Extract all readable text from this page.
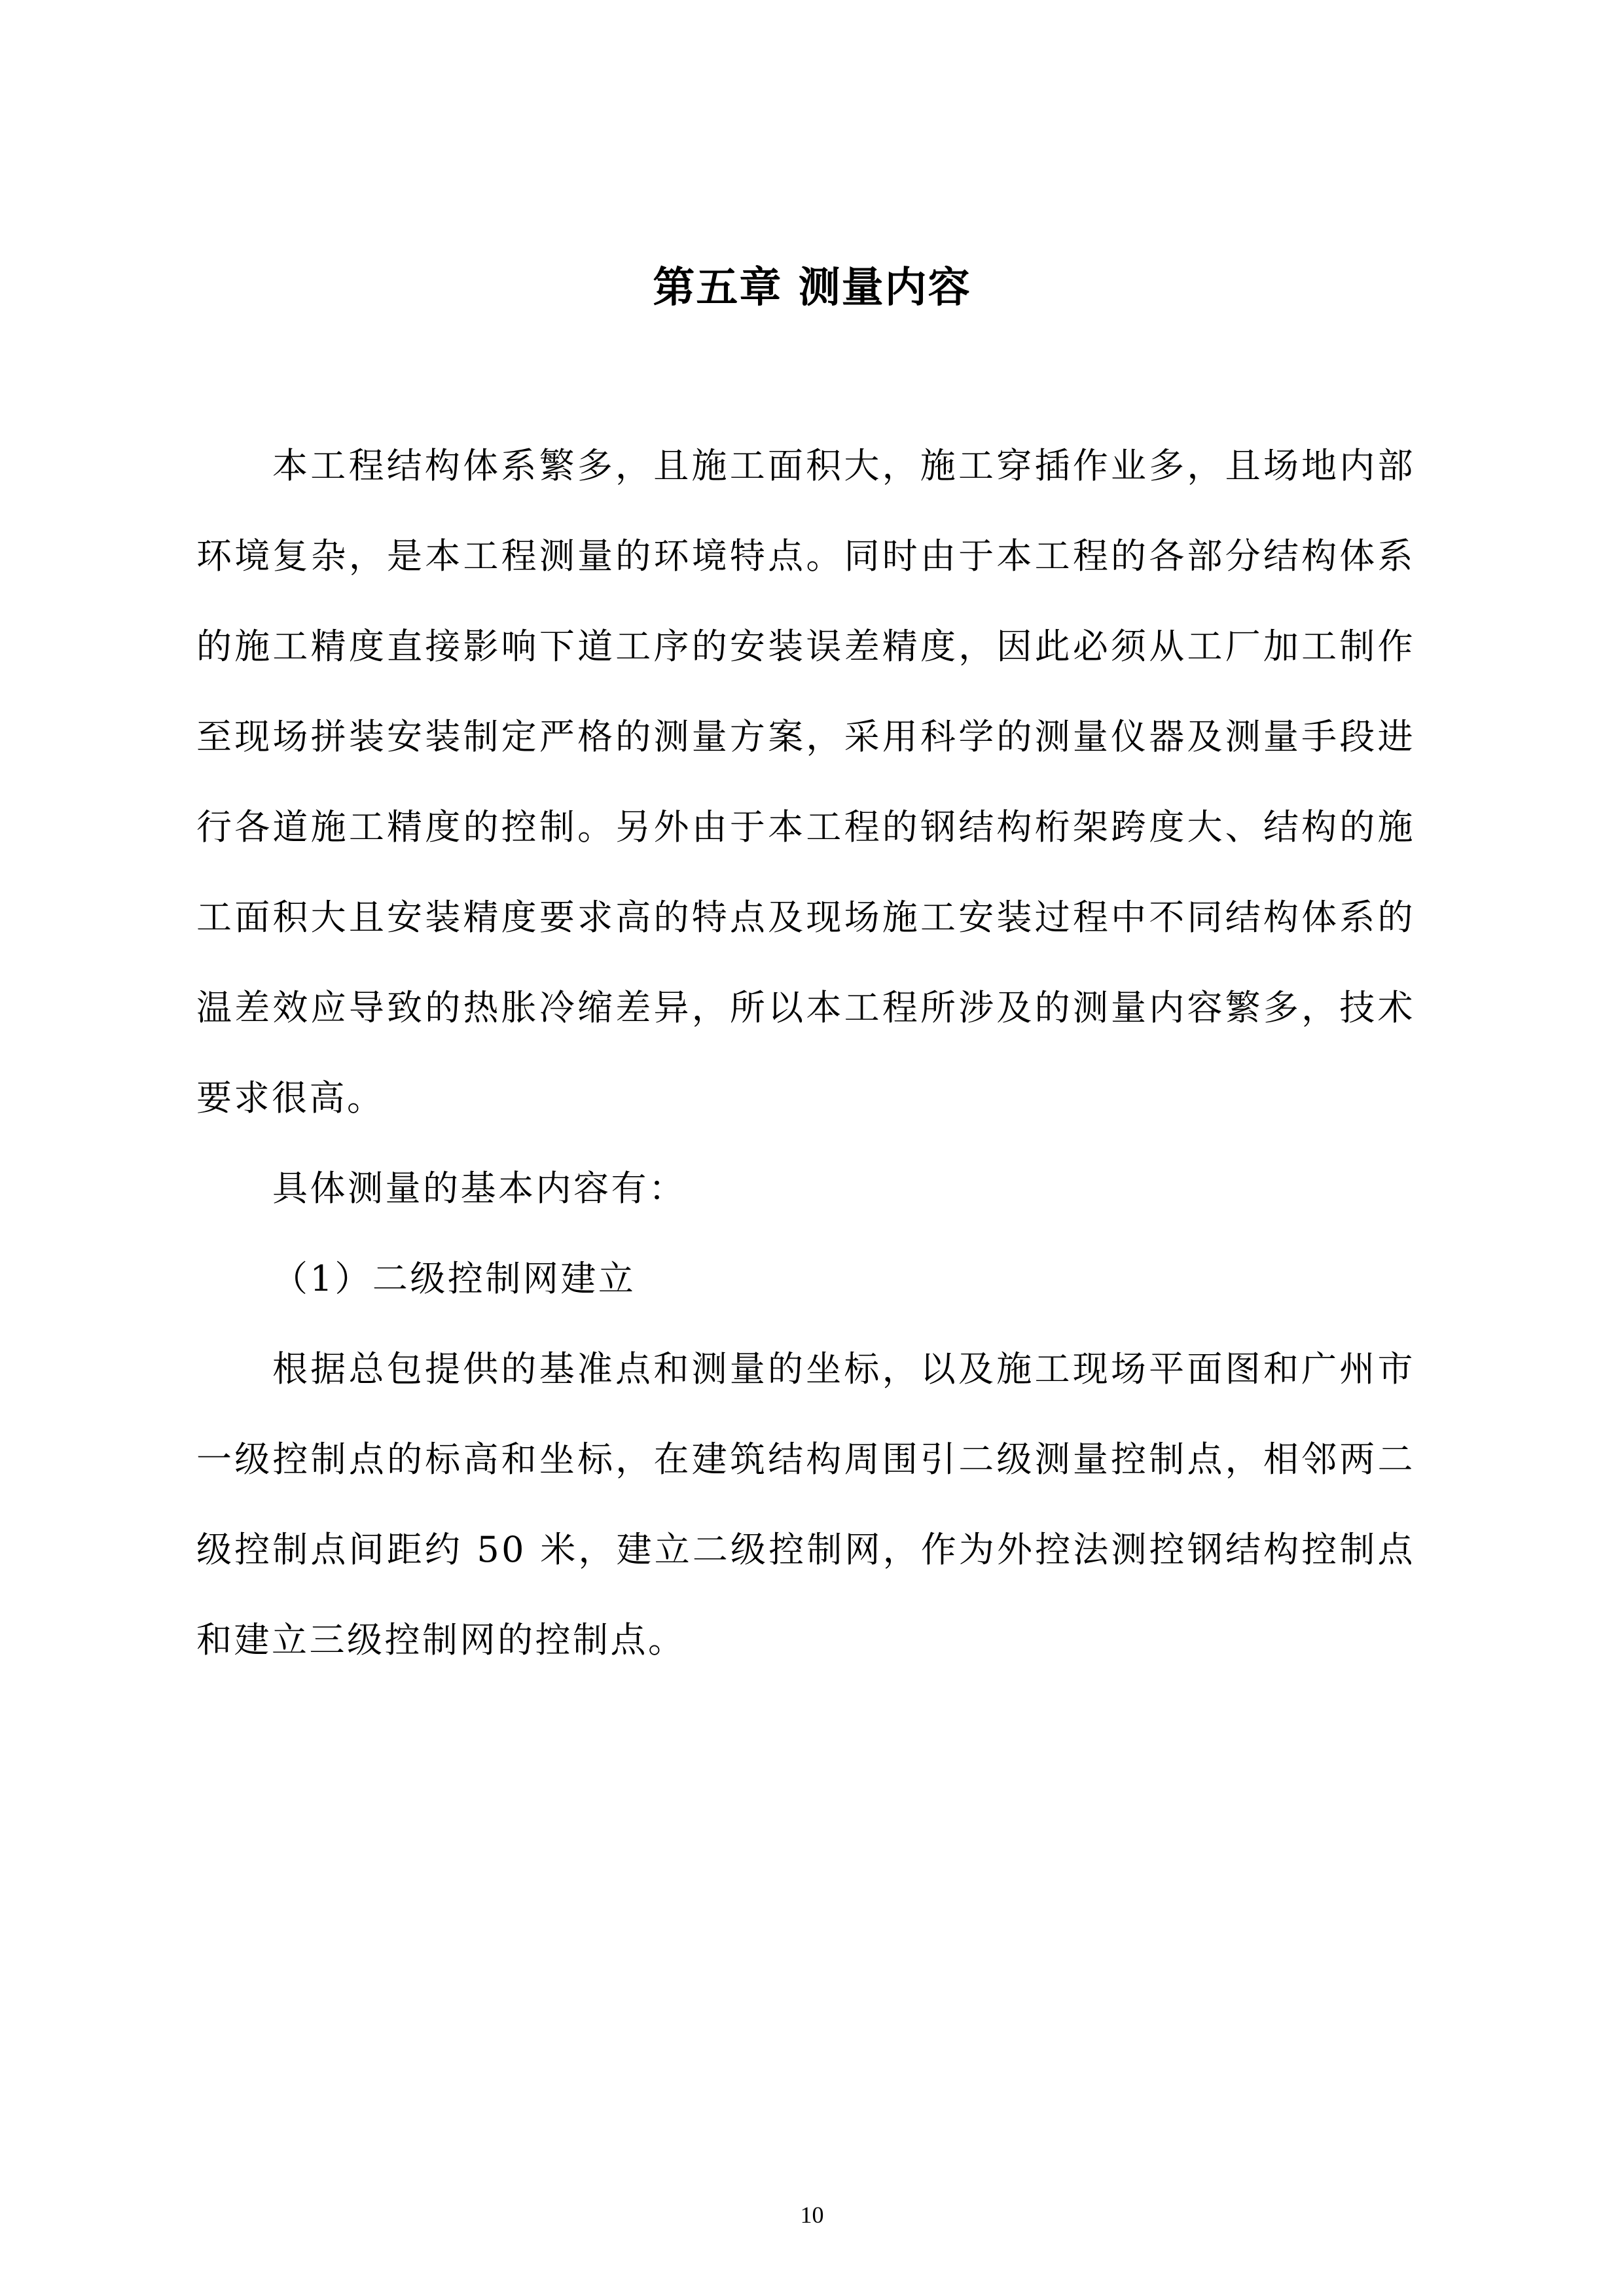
第五章 测量内容

本工程结构体系繁多，且施工面积大，施工穿插作业多，且场地内部环境复杂，是本工程测量的环境特点。同时由于本工程的各部分结构体系的施工精度直接影响下道工序的安装误差精度，因此必须从工厂加工制作至现场拼装安装制定严格的测量方案，采用科学的测量仪器及测量手段进行各道施工精度的控制。另外由于本工程的钢结构桁架跨度大、结构的施工面积大且安装精度要求高的特点及现场施工安装过程中不同结构体系的温差效应导致的热胀冷缩差异，所以本工程所涉及的测量内容繁多，技术要求很高。

具体测量的基本内容有：

（1）二级控制网建立

根据总包提供的基准点和测量的坐标，以及施工现场平面图和广州市一级控制点的标高和坐标，在建筑结构周围引二级测量控制点，相邻两二级控制点间距约 50 米，建立二级控制网，作为外控法测控钢结构控制点和建立三级控制网的控制点。

10
